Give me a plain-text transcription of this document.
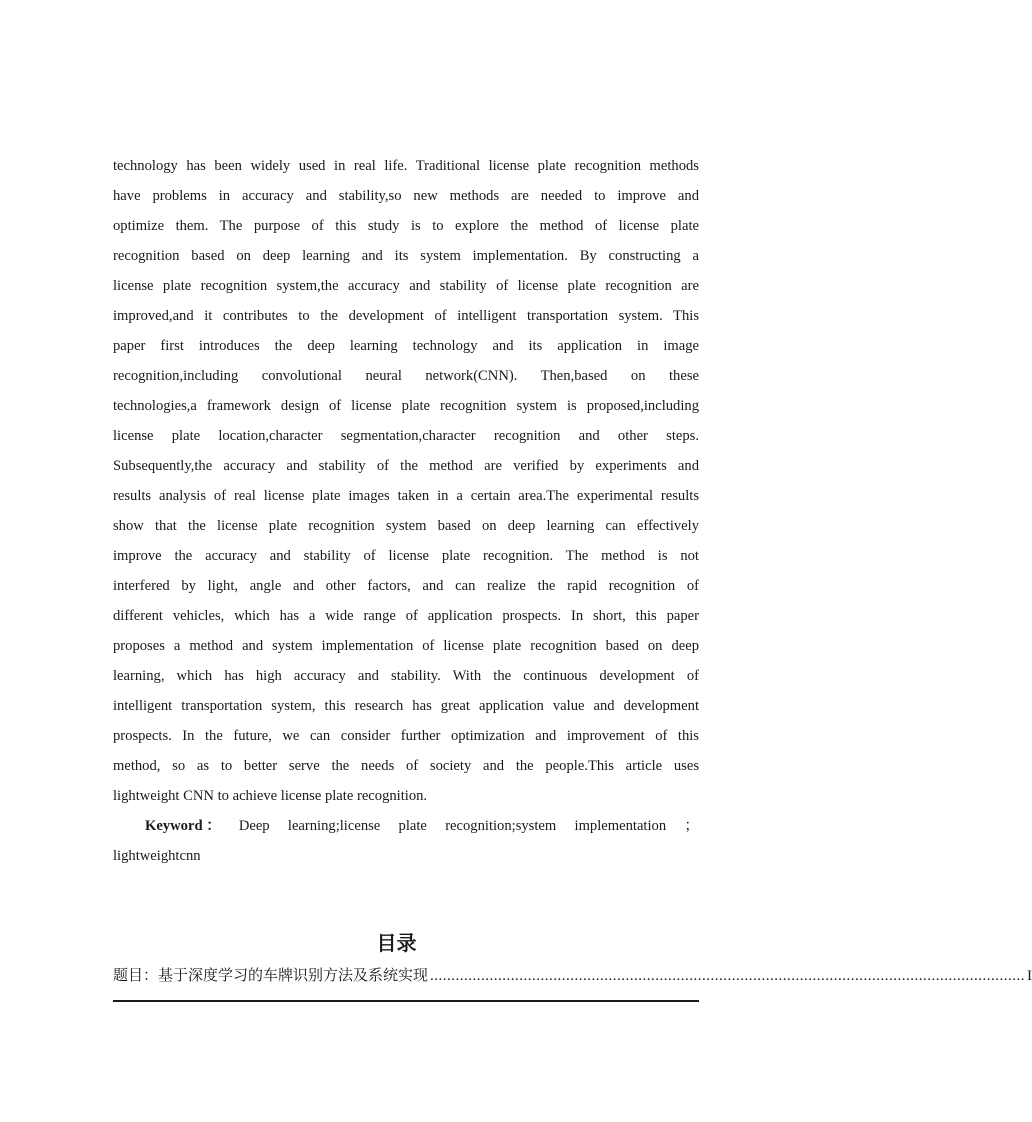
technology has been widely used in real life. Traditional license plate recognition methods
have problems in accuracy and stability,so new methods are needed to improve and
optimize them. The purpose of this study is to explore the method of license plate
recognition based on deep learning and its system implementation. By constructing a
license plate recognition system,the accuracy and stability of license plate recognition are
improved,and it contributes to the development of intelligent transportation system. This
paper first introduces the deep learning technology and its application in image
recognition,including convolutional neural network(CNN). Then,based on these
technologies,a framework design of license plate recognition system is proposed,including
license plate location,character segmentation,character recognition and other steps.
Subsequently,the accuracy and stability of the method are verified by experiments and
results analysis of real license plate images taken in a certain area.The experimental results
show that the license plate recognition system based on deep learning can effectively
improve the accuracy and stability of license plate recognition. The method is not
interfered by light, angle and other factors, and can realize the rapid recognition of
different vehicles, which has a wide range of application prospects. In short, this paper
proposes a method and system implementation of license plate recognition based on deep
learning, which has high accuracy and stability. With the continuous development of
intelligent transportation system, this research has great application value and development
prospects. In the future, we can consider further optimization and improvement of this
method, so as to better serve the needs of society and the people.This article uses
lightweight CNN to achieve license plate recognition.
Keyword ： Deep learning;license plate recognition;system implementation ；
lightweightcnn
目录
题 目：基于深度学习的车牌识别方法及系统实现 ............................................................................................................................................ I
